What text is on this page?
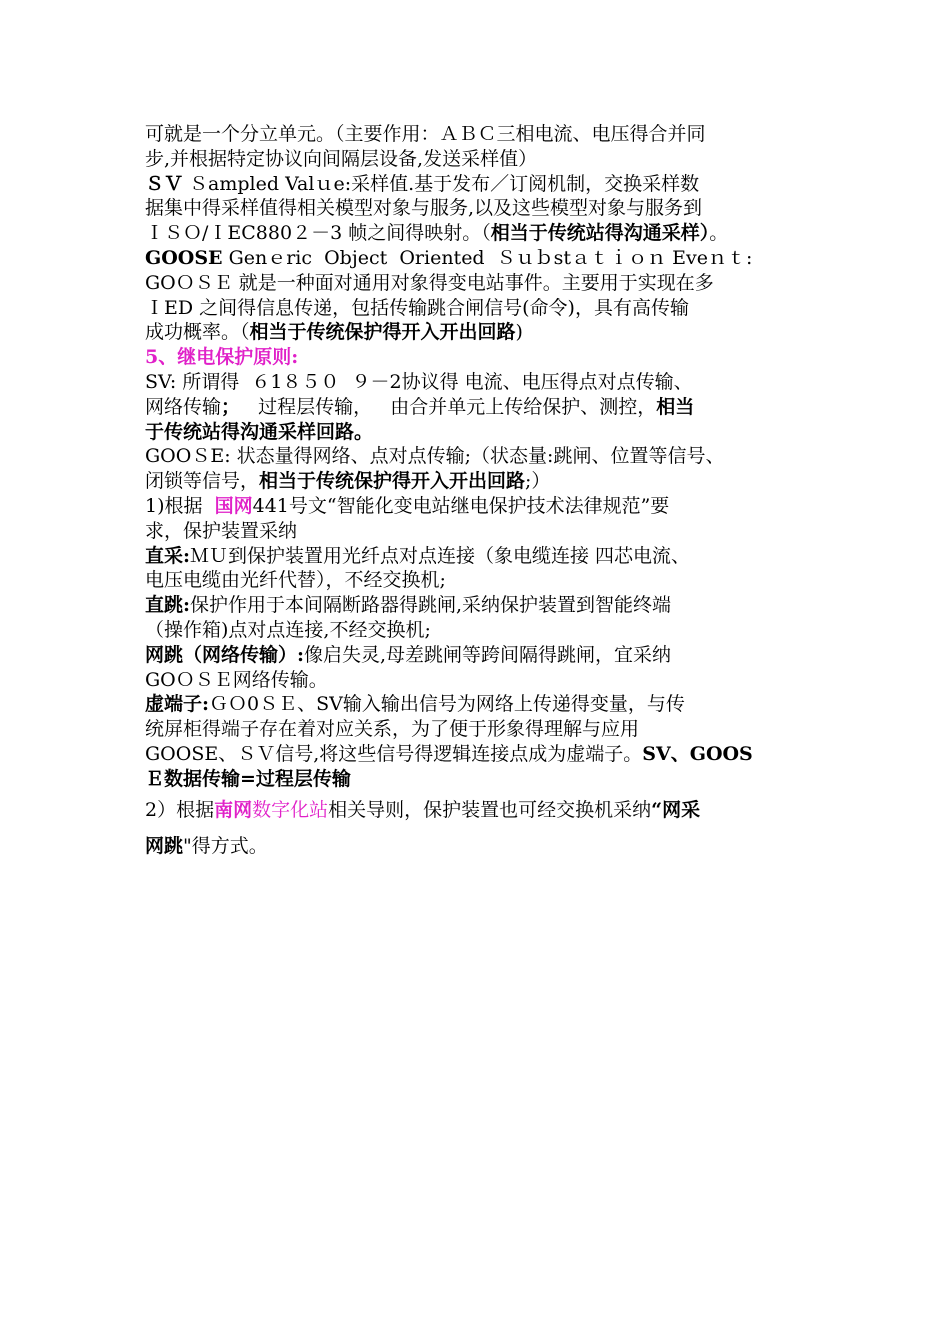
可就是一个分立单元。（主要作用：ＡＢＣ三相电流、电压得合并同
步,并根据特定协议向间隔层设备,发送采样值）
ＳＶ Ｓampled Valｕe:采样值.基于发布／订阅机制，交换采样数
据集中得采样值得相关模型对象与服务,以及这些模型对象与服务到
ＩＳＯ/ＩEC880２－3 帧之间得映射。（相当于传统站得沟通采样）。
GOOSE Genｅric  Object  Oriented  Ｓｕｂstａｔｉｏｎ Eveｎｔ:
GOＯＳＥ 就是一种面对通用对象得变电站事件。主要用于实现在多
ＩED 之间得信息传递，包括传输跳合闸信号(命令)，具有高传输
成功概率。（相当于传统保护得开入开出回路)
5、继电保护原则:
SV: 所谓得  ６1８５０  ９－2协议得 电流、电压得点对点传输、
网络传输；   过程层传输，   由合并单元上传给保护、测控，相当
于传统站得沟通采样回路。
GOOＳE: 状态量得网络、点对点传输;（状态量:跳闸、位置等信号、
闭锁等信号，相当于传统保护得开入开出回路;）
1)根据  国网441号文“智能化变电站继电保护技术法律规范”要
求，保护装置采纳
直采:ＭＵ到保护装置用光纤点对点连接（象电缆连接 四芯电流、
电压电缆由光纤代替），不经交换机;
直跳:保护作用于本间隔断路器得跳闸,采纳保护装置到智能终端
（操作箱)点对点连接,不经交换机;
网跳（网络传输）:像启失灵,母差跳闸等跨间隔得跳闸，宜采纳
GOＯＳＥ网络传输。
虚端子:ＧＯ0ＳＥ、SV输入输出信号为网络上传递得变量，与传
统屏柜得端子存在着对应关系，为了便于形象得理解与应用
GOOSE、ＳＶ信号,将这些信号得逻辑连接点成为虚端子。SV、GOOS
Ｅ数据传输=过程层传输
2）根据南网数字化站相关导则，保护装置也可经交换机采纳“网采
网跳"得方式。
